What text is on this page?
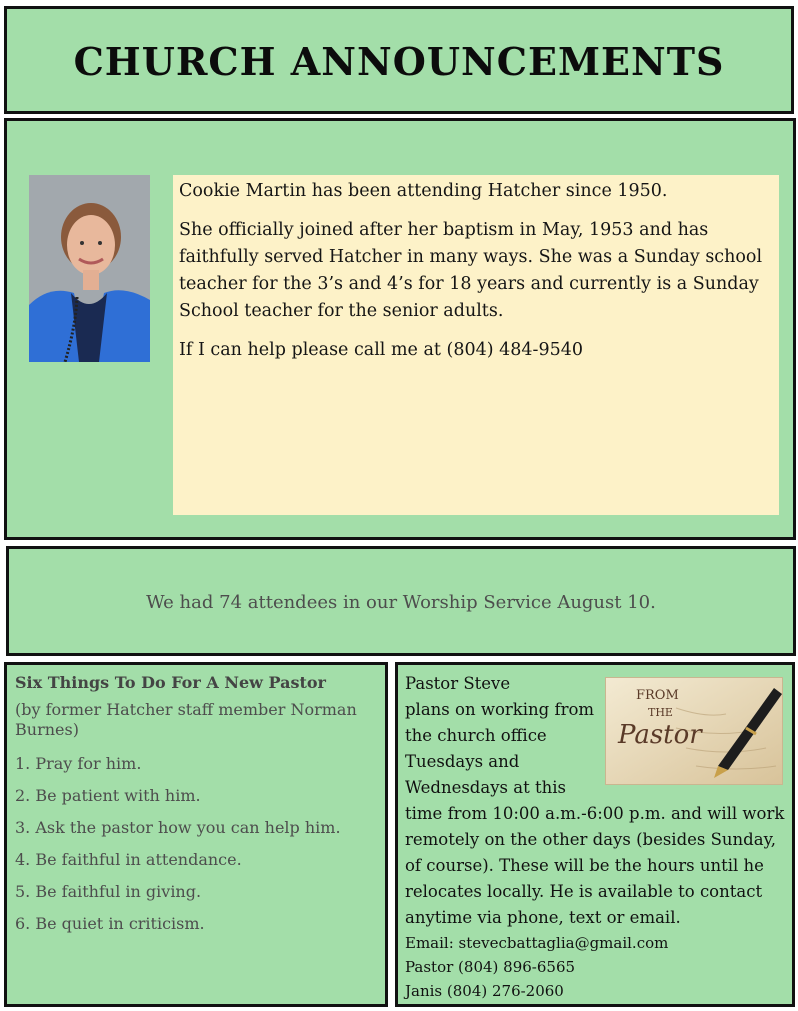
CHURCH ANNOUNCEMENTS

Cookie Martin has been attending Hatcher since 1950.

She officially joined after her baptism in May, 1953 and has faithfully served Hatcher in many ways. She was a Sunday school teacher for the 3’s and 4’s for 18 years and currently is a Sunday School teacher for the senior adults.

If I can help please call me at (804) 484-9540

We had 74 attendees in our Worship Service August 10.
Six Things To Do For A New Pastor
(by former Hatcher staff member Norman Burnes)
1. Pray for him.
2. Be patient with him.
3. Ask the pastor how you can help him.
4. Be faithful in attendance.
5. Be faithful in giving.
6. Be quiet in criticism.
FROM
THE
Pastor
Pastor Steve
plans on working from
the church office
Tuesdays and
Wednesdays at this
time from 10:00 a.m.-6:00 p.m. and will work remotely on the other days (besides Sunday, of course). These will be the hours until he relocates locally. He is available to contact anytime via phone, text or email.
Email: stevecbattaglia@gmail.com
Pastor (804) 896-6565
Janis (804) 276-2060
